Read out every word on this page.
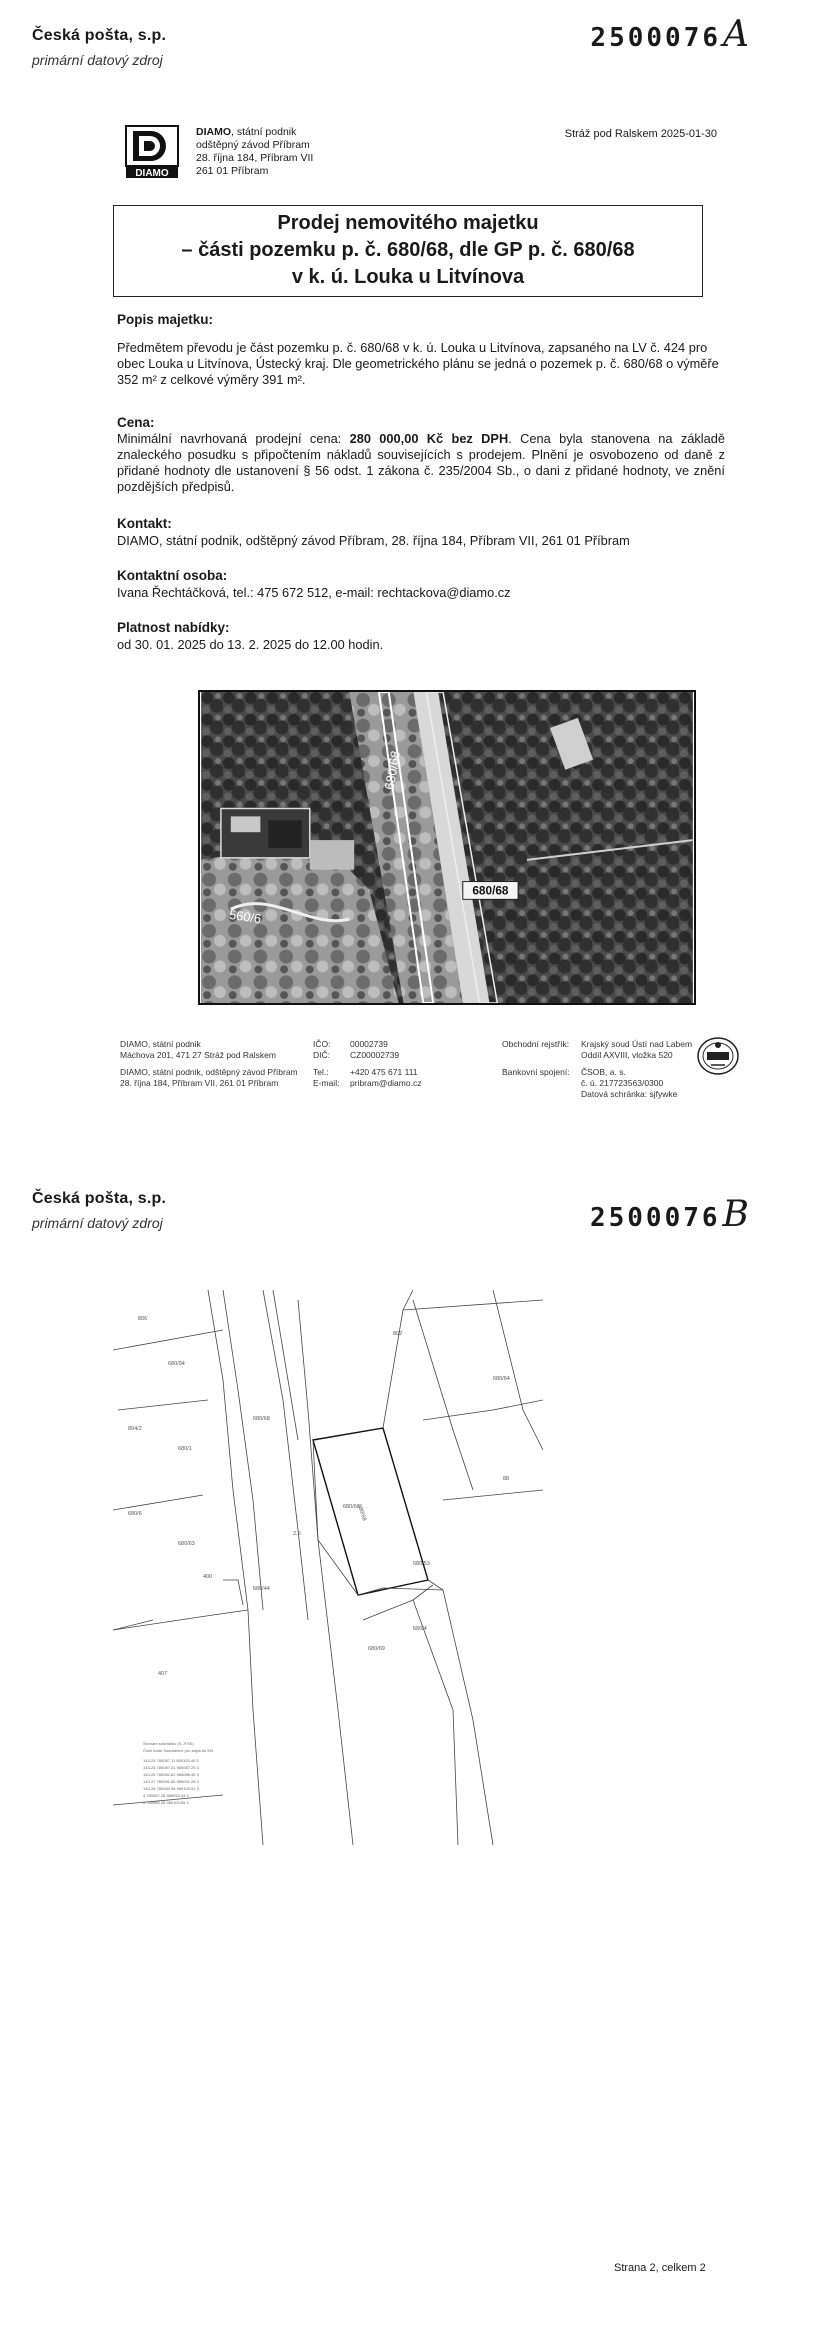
Česká pošta, s.p.
primární datový zdroj
2500076A
DIAMO
DIAMO, státní podnik
odštěpný závod Příbram
28. října 184, Příbram VII
261 01 Příbram
Stráž pod Ralskem 2025-01-30
Prodej nemovitého majetku
– části pozemku p. č. 680/68, dle GP p. č. 680/68
v k. ú. Louka u Litvínova
Popis majetku:
Předmětem převodu je část pozemku p. č. 680/68 v k. ú. Louka u Litvínova, zapsaného na LV č. 424 pro obec Louka u Litvínova, Ústecký kraj. Dle geometrického plánu se jedná o pozemek p. č. 680/68 o výměře 352 m² z celkové výměry 391 m².
Cena:
Minimální navrhovaná prodejní cena: 280 000,00 Kč bez DPH. Cena byla stanovena na základě znaleckého posudku s připočtením nákladů souvisejících s prodejem. Plnění je osvobozeno od daně z přidané hodnoty dle ustanovení § 56 odst. 1 zákona č. 235/2004 Sb., o dani z přidané hodnoty, ve znění pozdějších předpisů.
Kontakt:
DIAMO, státní podnik, odštěpný závod Příbram, 28. října 184, Příbram VII, 261 01 Příbram
Kontaktní osoba:
Ivana Řechtáčková, tel.: 475 672 512, e-mail: rechtackova@diamo.cz
Platnost nabídky:
od 30. 01. 2025 do 13. 2. 2025 do 12.00 hodin.
680/68
560/6
680/68
DIAMO, státní podnik
Máchova 201, 471 27 Stráž pod Ralskem
DIAMO, státní podnik, odštěpný závod Příbram
28. října 184, Příbram VII, 261 01 Příbram
IČO:
DIČ:
Tel.:
E-mail:
00002739
CZ00002739
+420 475 671 111
pribram@diamo.cz
Obchodní rejstřík:

Bankovní spojení:
Krajský soud Ústí nad Labem
Oddíl AXVIII, vložka 520
ČSOB, a. s.
č. ú. 217723563/0300
Datová schránka: sjfywke
Česká pošta, s.p.
primární datový zdroj	2500076B
806
680/94
804/2
680/1
680/6
680/68
680/63
400
680/44
407
2.5
680/68
680/53
802
680/64
88
680/69
680/4
680/68
Seznam souřadnic (S-JTSK)
Číslo bodu Souřadnice pro zápis do KN
143-24 780087.11 985103.40 3
143-25 780087.01 985087.25 3
143-26 780082.82 985086.45 3
143-27 780081.65 985091.28 3
143-28 780082.98 985100.51 3
4 780087.28 985093.43 3
5 780065.26 985103.65 3
Strana 2, celkem 2
